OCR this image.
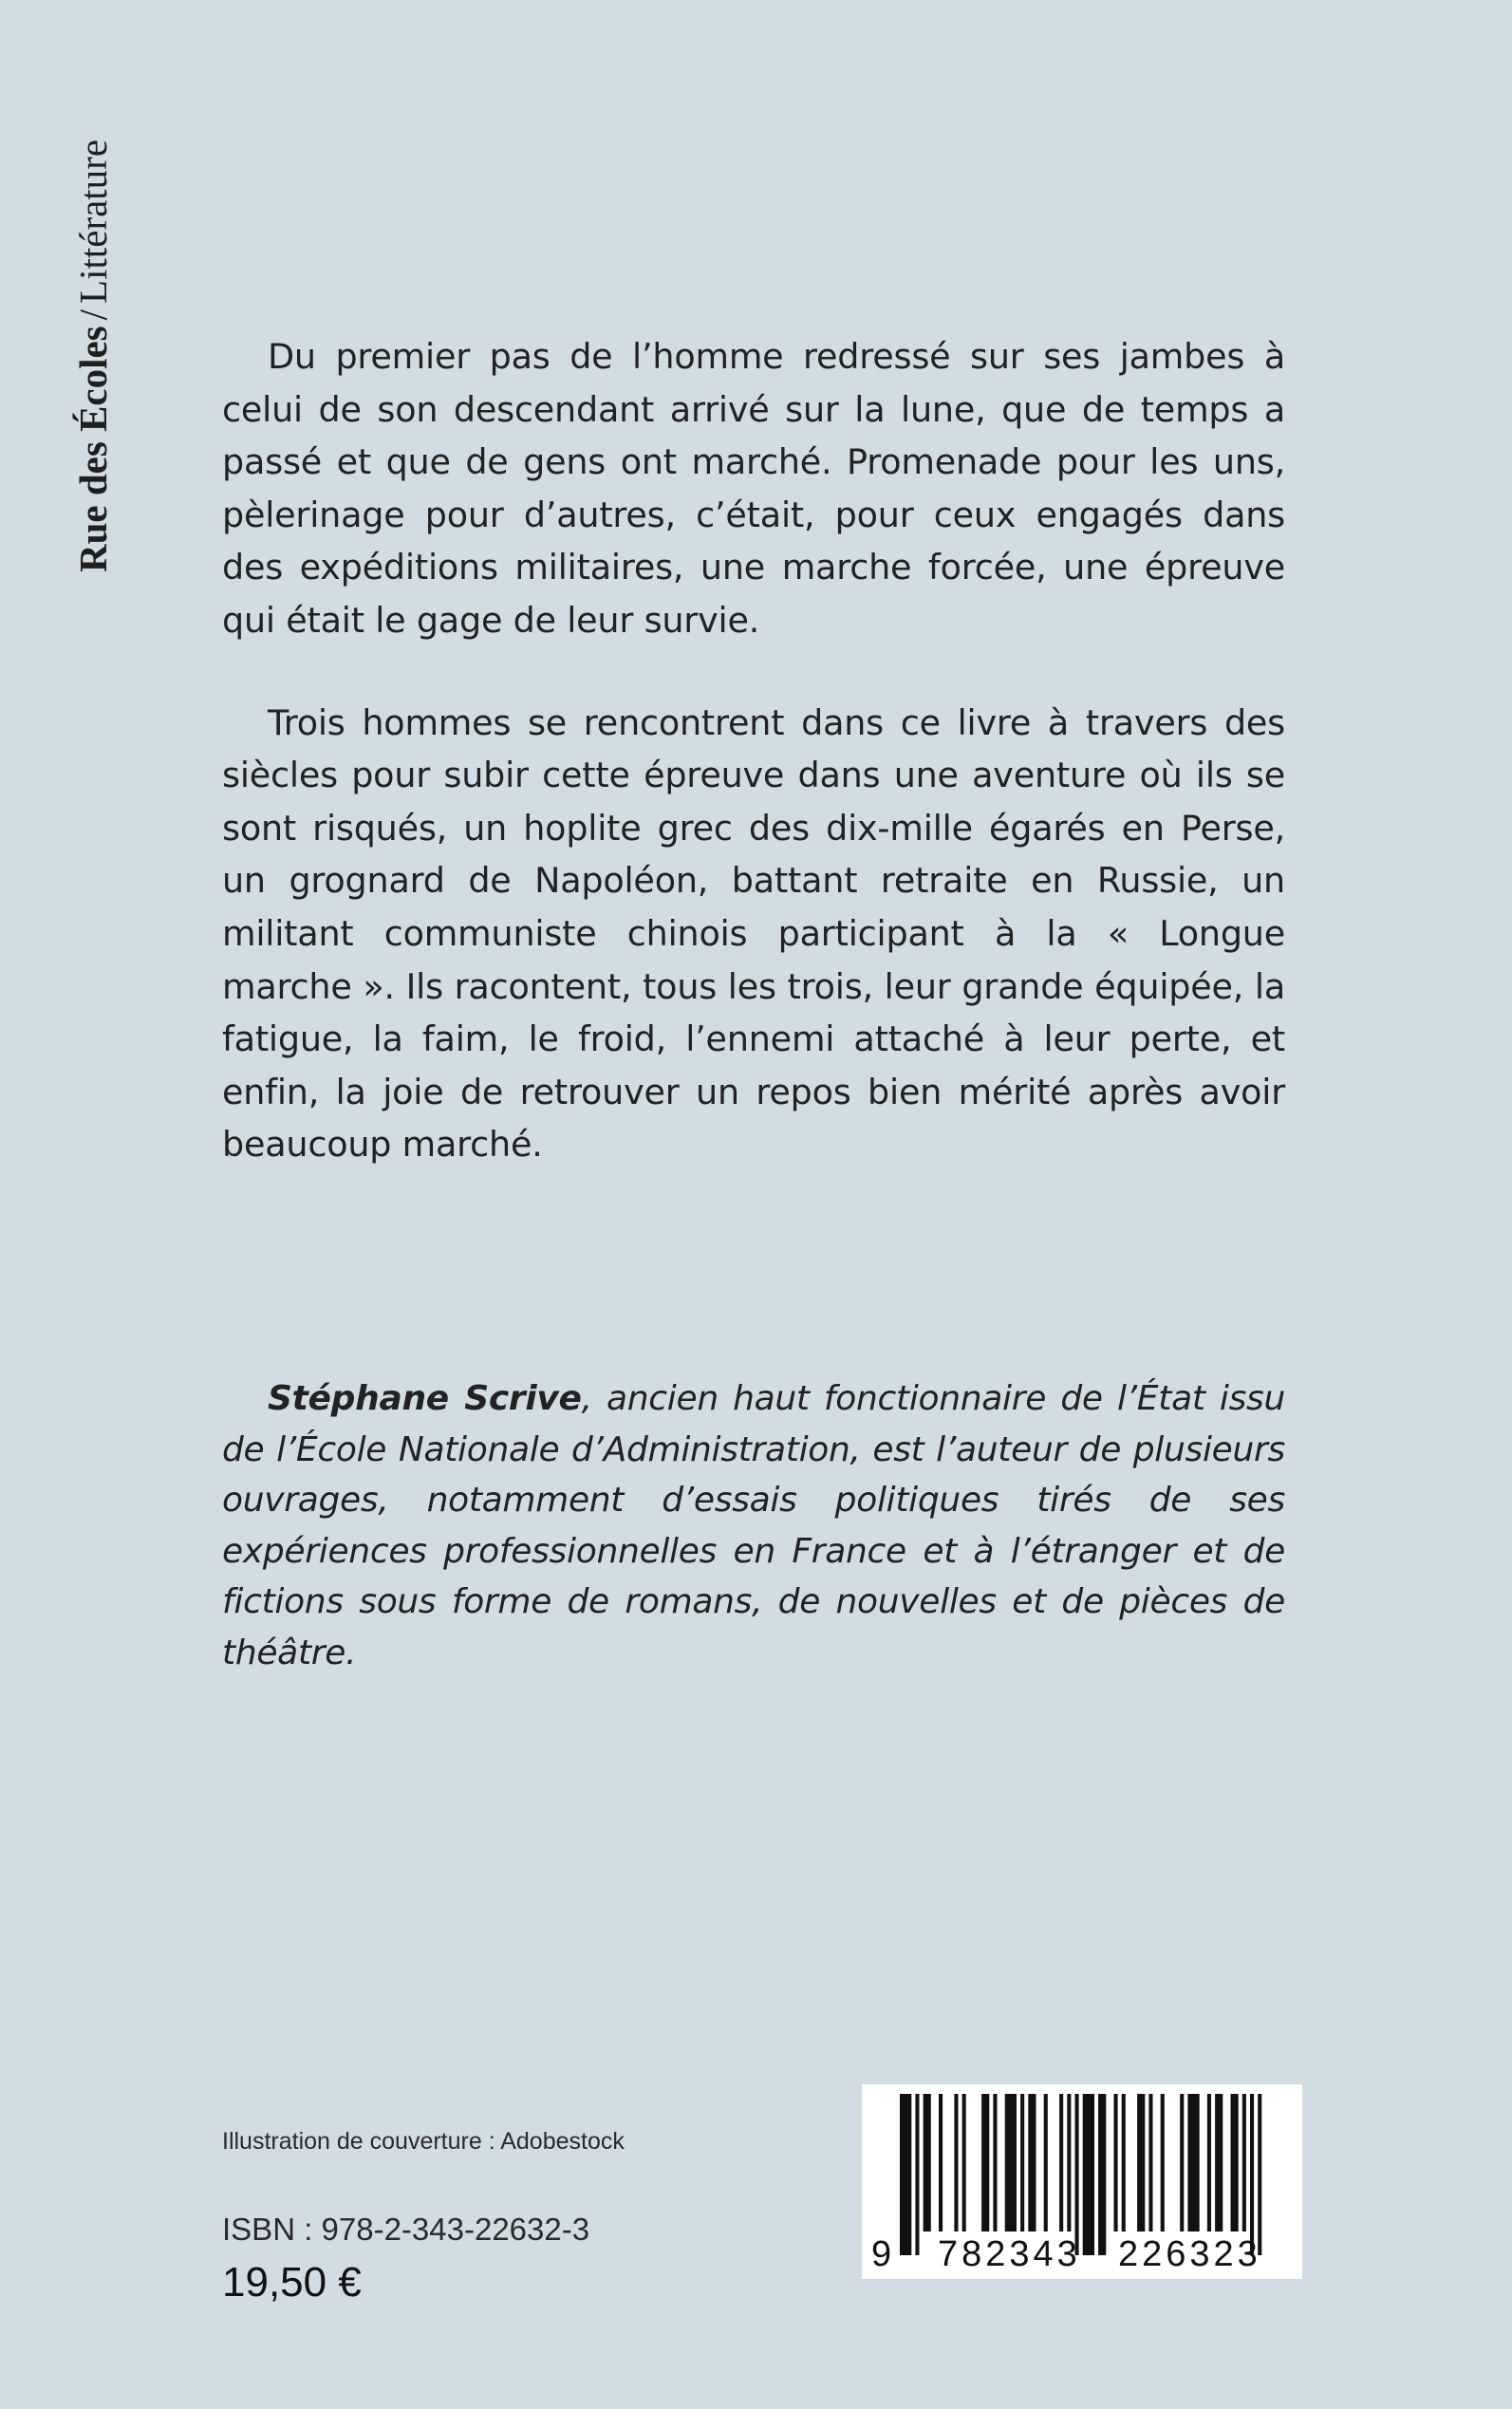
Rue des Écoles/Littérature

Du premier pas de l’homme redressé sur ses jambes à celui de son descendant arrivé sur la lune, que de temps a passé et que de gens ont marché. Promenade pour les uns, pèlerinage pour d’autres, c’était, pour ceux engagés dans des expéditions militaires, une marche forcée, une épreuve qui était le gage de leur survie.

Trois hommes se rencontrent dans ce livre à travers des siècles pour subir cette épreuve dans une aventure où ils se sont risqués, un hoplite grec des dix-mille égarés en Perse, un grognard de Napoléon, battant retraite en Russie, un militant communiste chinois participant à la « Longue marche ». Ils racontent, tous les trois, leur grande équipée, la fatigue, la faim, le froid, l’ennemi attaché à leur perte, et enfin, la joie de retrouver un repos bien mérité après avoir beaucoup marché.

Stéphane Scrive, ancien haut fonctionnaire de l’État issu de l’École Nationale d’Administration, est l’auteur de plusieurs ouvrages, notamment d’essais politiques tirés de ses expériences professionnelles en France et à l’étranger et de fictions sous forme de romans, de nouvelles et de pièces de théâtre.

Illustration de couverture : Adobestock
ISBN : 978-2-343-22632-3
19,50 €
9 782343 226323
